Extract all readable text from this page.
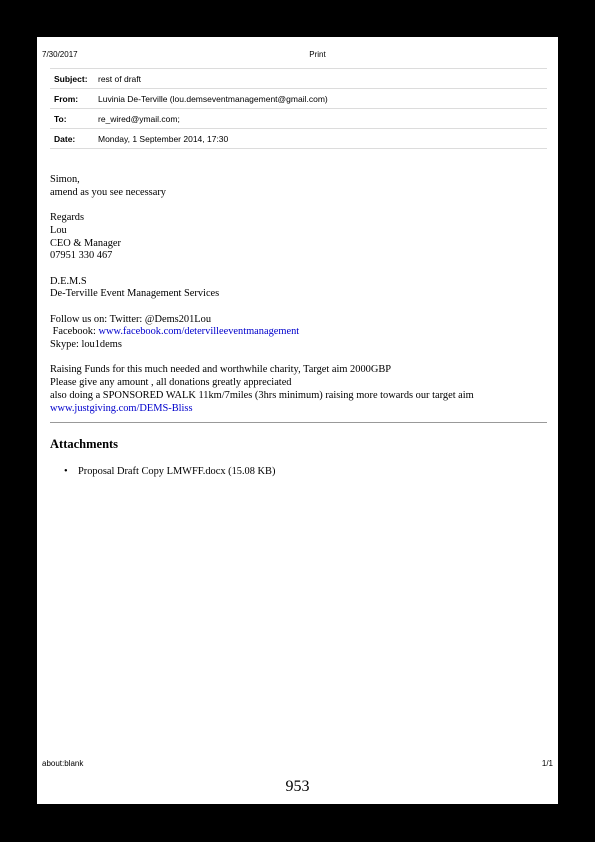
7/30/2017	Print
Subject:	rest of draft
From:	Luvinia De-Terville (lou.demseventmanagement@gmail.com)
To:	re_wired@ymail.com;
Date:	Monday, 1 September 2014, 17:30

Simon,
amend as you see necessary

Regards
Lou
CEO & Manager
07951 330 467

D.E.M.S
De-Terville Event Management Services

Follow us on: Twitter: @Dems201Lou
Facebook: www.facebook.com/detervilleeventmanagement
Skype: lou1dems

Raising Funds for this much needed and worthwhile charity, Target aim 2000GBP
Please give any amount , all donations greatly appreciated
also doing a SPONSORED WALK 11km/7miles (3hrs minimum) raising more towards our target aim
www.justgiving.com/DEMS-Bliss

Attachments
• Proposal Draft Copy LMWFF.docx (15.08 KB)
about:blank	1/1
953
